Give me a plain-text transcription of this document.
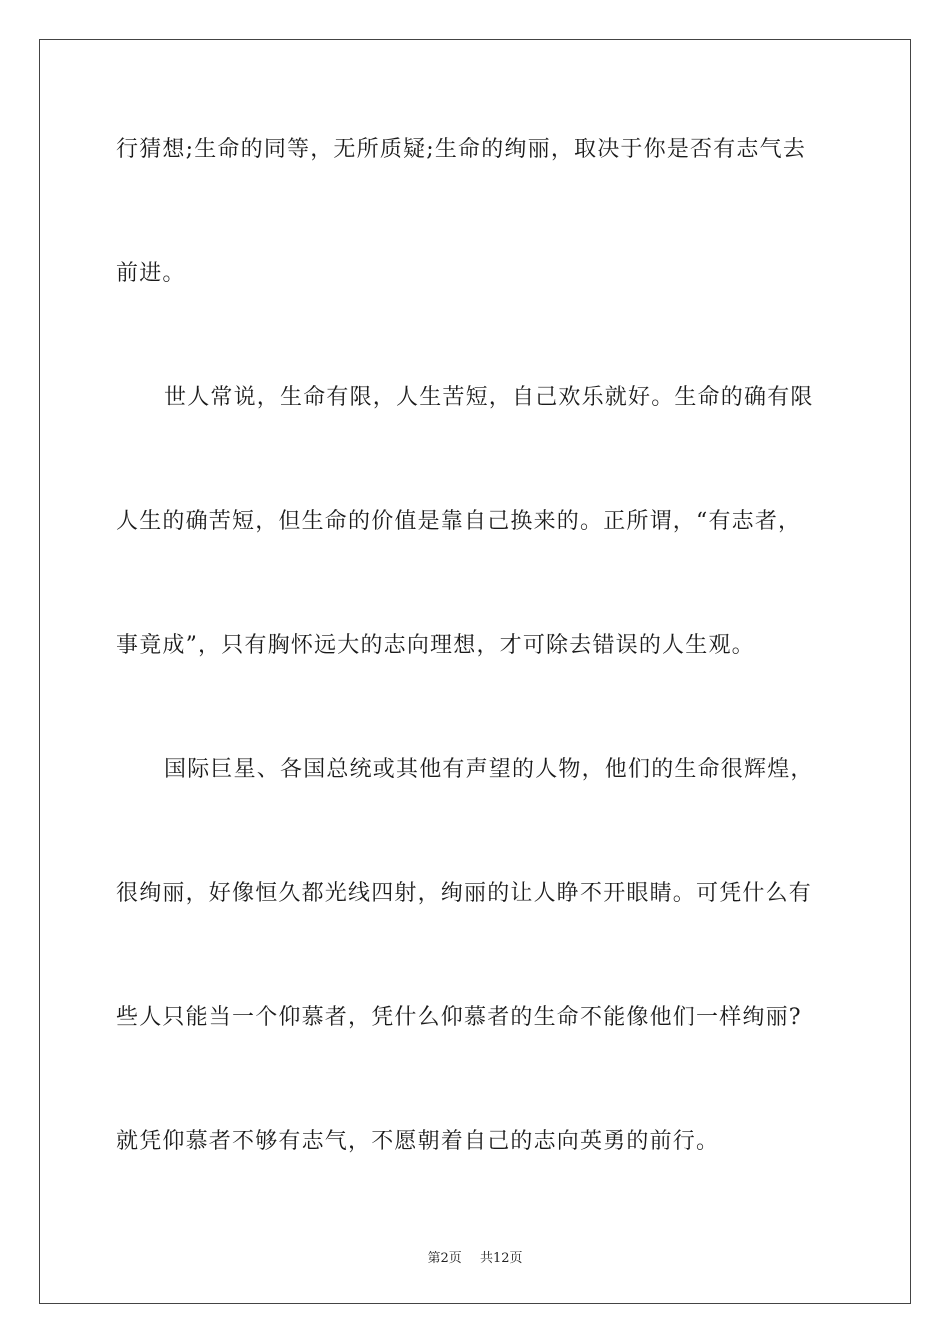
行猜想;生命的同等，无所质疑;生命的绚丽，取决于你是否有志气去
前进。
世人常说，生命有限，人生苦短，自己欢乐就好。生命的确有限
人生的确苦短，但生命的价值是靠自己换来的。正所谓，“有志者，
事竟成”，只有胸怀远大的志向理想，才可除去错误的人生观。
国际巨星、各国总统或其他有声望的人物，他们的生命很辉煌，
很绚丽，好像恒久都光线四射，绚丽的让人睁不开眼睛。可凭什么有
些人只能当一个仰慕者，凭什么仰慕者的生命不能像他们一样绚丽?
就凭仰慕者不够有志气，不愿朝着自己的志向英勇的前行。
第2页 共12页
